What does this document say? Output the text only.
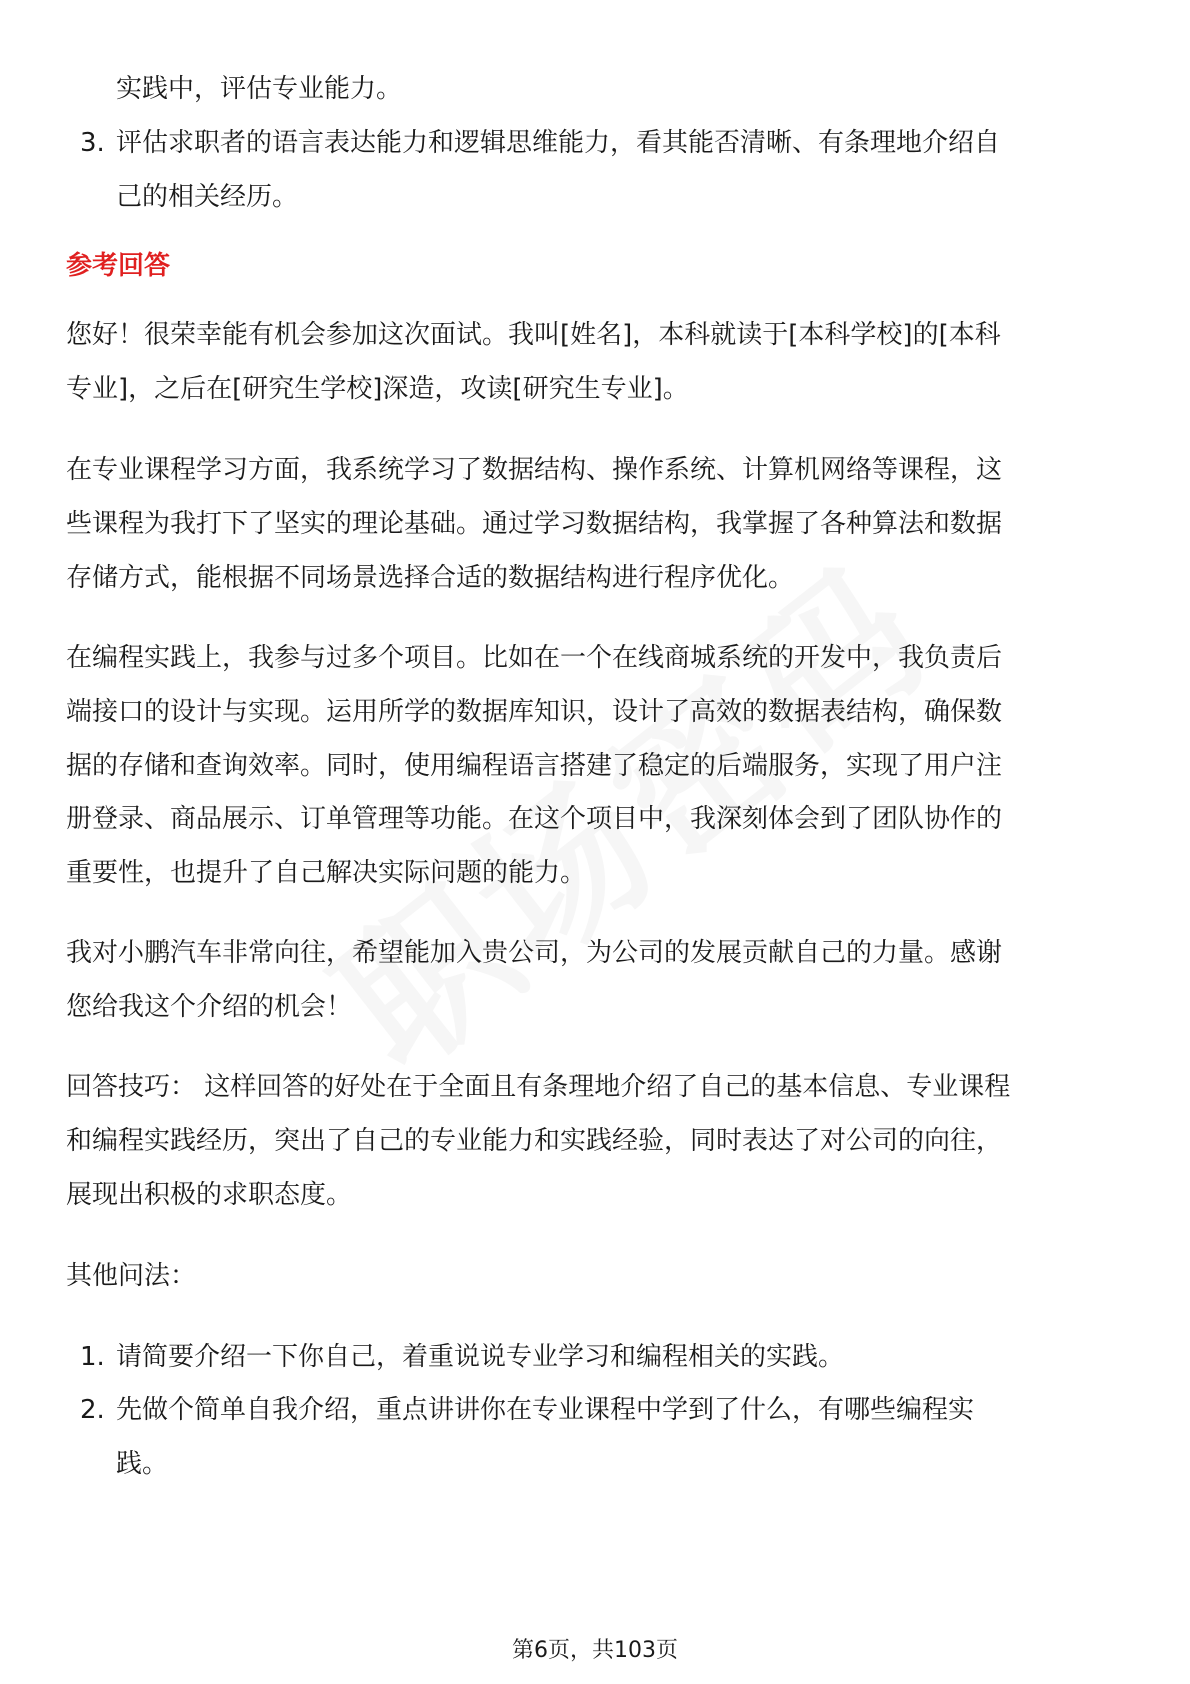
实践中，评估专业能力。
3. 评估求职者的语言表达能力和逻辑思维能力，看其能否清晰、有条理地介绍自
己的相关经历。
参考回答
您好！很荣幸能有机会参加这次面试。我叫[姓名]，本科就读于[本科学校]的[本科
专业]，之后在[研究生学校]深造，攻读[研究生专业]。
在专业课程学习方面，我系统学习了数据结构、操作系统、计算机网络等课程，这
些课程为我打下了坚实的理论基础。通过学习数据结构，我掌握了各种算法和数据
存储方式，能根据不同场景选择合适的数据结构进行程序优化。
在编程实践上，我参与过多个项目。比如在一个在线商城系统的开发中，我负责后
端接口的设计与实现。运用所学的数据库知识，设计了高效的数据表结构，确保数
据的存储和查询效率。同时，使用编程语言搭建了稳定的后端服务，实现了用户注
册登录、商品展示、订单管理等功能。在这个项目中，我深刻体会到了团队协作的
重要性，也提升了自己解决实际问题的能力。
我对小鹏汽车非常向往，希望能加入贵公司，为公司的发展贡献自己的力量。感谢
您给我这个介绍的机会！
回答技巧： 这样回答的好处在于全面且有条理地介绍了自己的基本信息、专业课程
和编程实践经历，突出了自己的专业能力和实践经验，同时表达了对公司的向往，
展现出积极的求职态度。
其他问法：
1. 请简要介绍一下你自己，着重说说专业学习和编程相关的实践。
2. 先做个简单自我介绍，重点讲讲你在专业课程中学到了什么，有哪些编程实
践。
第6页，共103页
